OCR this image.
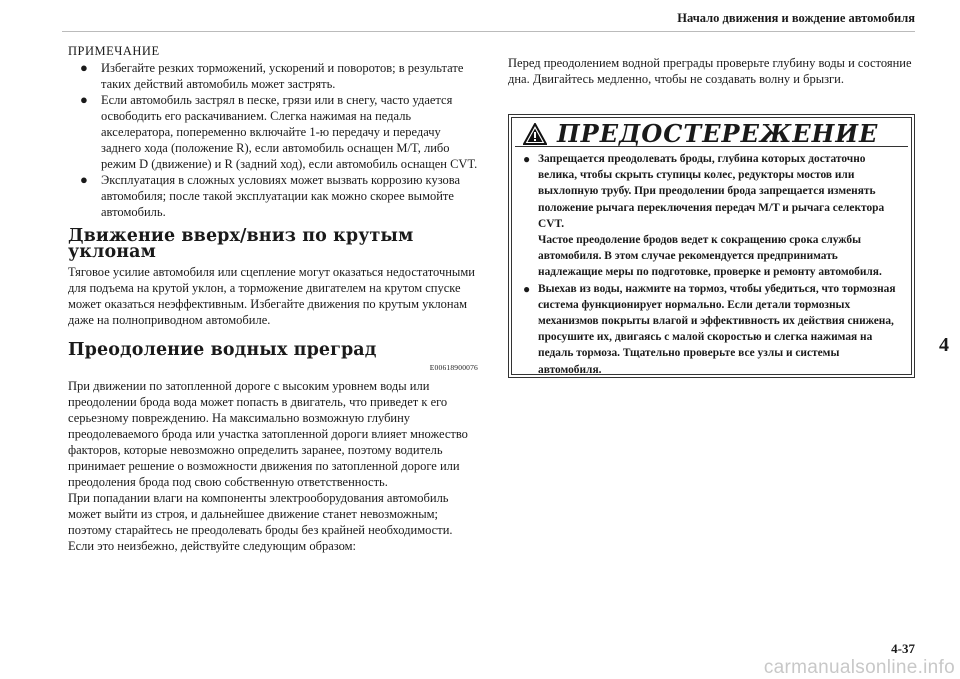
Начало движения и вождение автомобиля

ПРИМЕЧАНИЕ

● Избегайте резких торможений, ускорений и поворотов; в результате таких действий автомобиль может застрять.
● Если автомобиль застрял в песке, грязи или в снегу, часто удается освободить его раскачиванием. Слегка нажимая на педаль акселератора, попеременно включайте 1-ю передачу и передачу заднего хода (положение R), если автомобиль оснащен M/T, либо режим D (движение) и R (задний ход), если автомобиль оснащен CVT.
● Эксплуатация в сложных условиях может вызвать коррозию кузова автомобиля; после такой эксплуатации как можно скорее вымойте автомобиль.
Движение вверх/вниз по крутым уклонам

Тяговое усилие автомобиля или сцепление могут оказаться недостаточными для подъема на крутой уклон, а торможение двигателем на крутом спуске может оказаться неэффективным. Избегайте движения по крутым уклонам даже на полноприводном автомобиле.

Преодоление водных преград
E00618900076

При движении по затопленной дороге с высоким уровнем воды или преодолении брода вода может попасть в двигатель, что приведет к его серьезному повреждению. На максимально возможную глубину преодолеваемого брода или участка затопленной дороги влияет множество факторов, которые невозможно определить заранее, поэтому водитель принимает решение о возможности движения по затопленной дороге или преодоления брода под свою собственную ответственность.

При попадании влаги на компоненты электрооборудования автомобиль может выйти из строя, и дальнейшее движение станет невозможным; поэтому старайтесь не преодолевать броды без крайней необходимости. Если это неизбежно, действуйте следующим образом:

Перед преодолением водной преграды проверьте глубину воды и состояние дна. Двигайтесь медленно, чтобы не создавать волну и брызги.
ПРЕДОСТЕРЕЖЕНИЕ
● Запрещается преодолевать броды, глубина которых достаточно велика, чтобы скрыть ступицы колес, редукторы мостов или выхлопную трубу. При преодолении брода запрещается изменять положение рычага переключения передач M/T и рычага селектора CVT.
Частое преодоление бродов ведет к сокращению срока службы автомобиля. В этом случае рекомендуется предпринимать надлежащие меры по подготовке, проверке и ремонту автомобиля.
● Выехав из воды, нажмите на тормоз, чтобы убедиться, что тормозная система функционирует нормально. Если детали тормозных механизмов покрыты влагой и эффективность их действия снижена, просушите их, двигаясь с малой скоростью и слегка нажимая на педаль тормоза. Тщательно проверьте все узлы и системы автомобиля.
4
4-37
carmanualsonline.info
